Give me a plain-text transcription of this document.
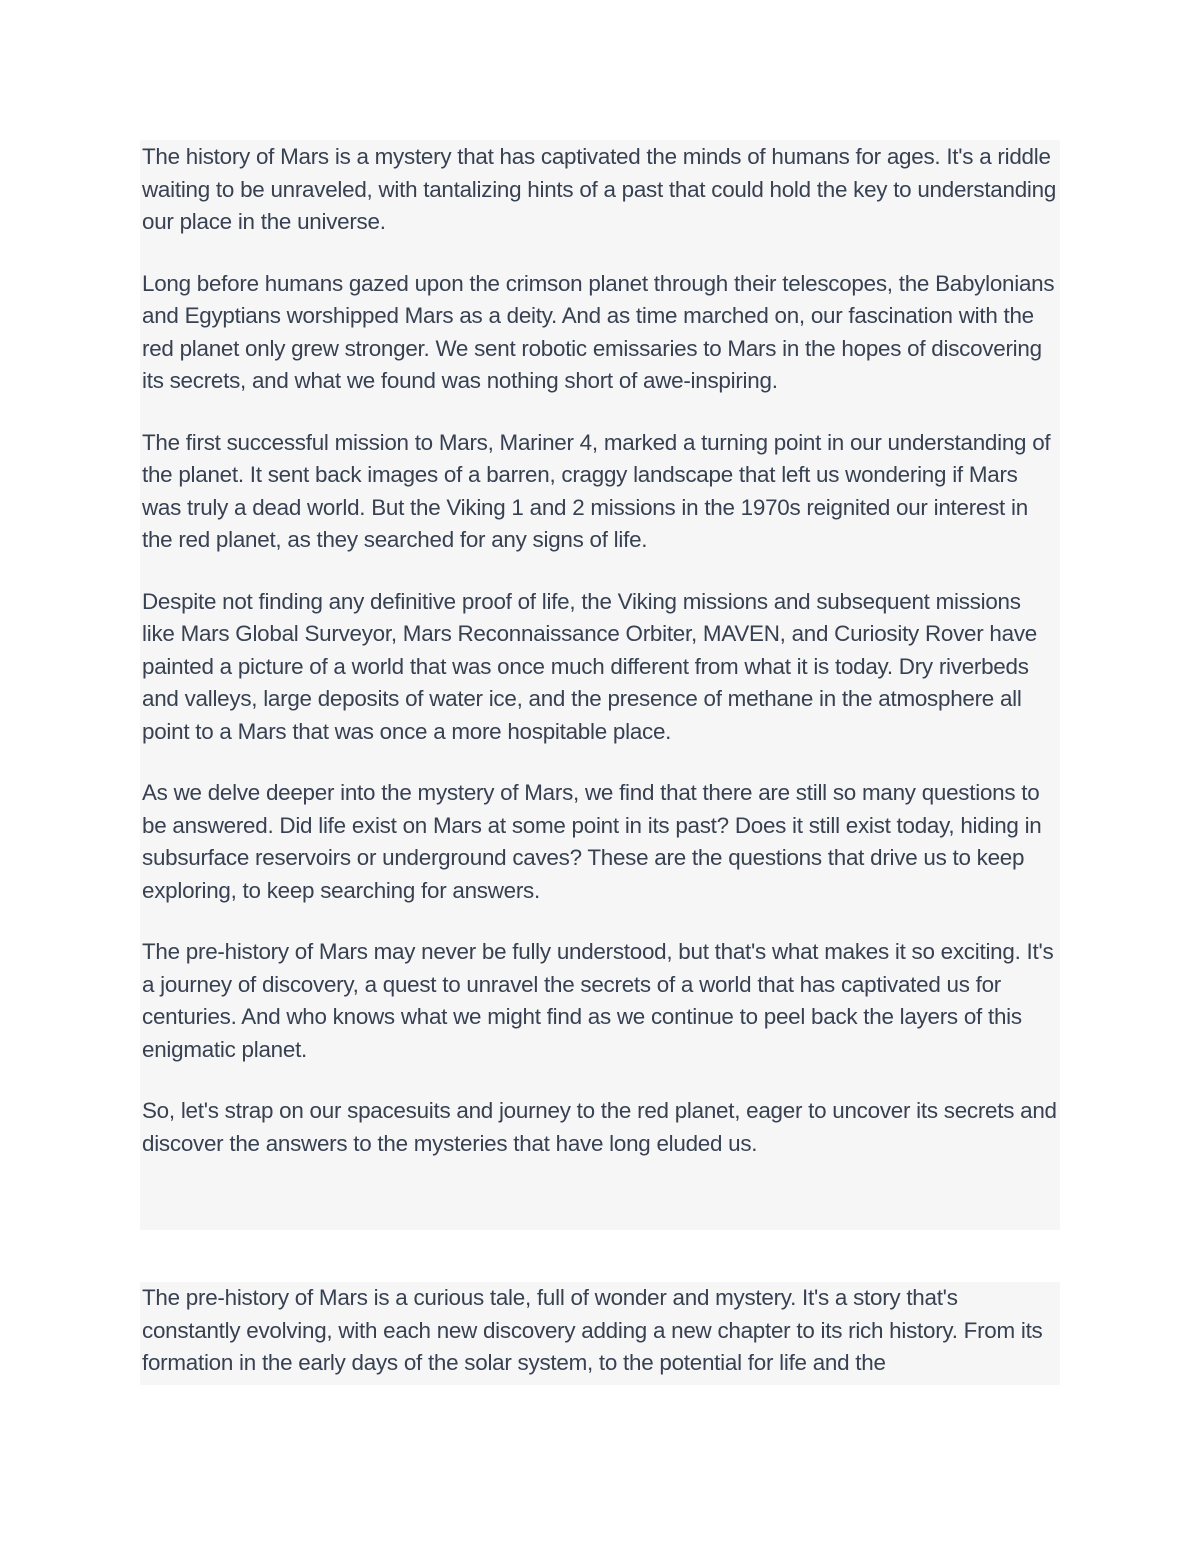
The history of Mars is a mystery that has captivated the minds of humans for ages. It's a riddle waiting to be unraveled, with tantalizing hints of a past that could hold the key to understanding our place in the universe.

Long before humans gazed upon the crimson planet through their telescopes, the Babylonians and Egyptians worshipped Mars as a deity. And as time marched on, our fascination with the red planet only grew stronger. We sent robotic emissaries to Mars in the hopes of discovering its secrets, and what we found was nothing short of awe-inspiring.

The first successful mission to Mars, Mariner 4, marked a turning point in our understanding of the planet. It sent back images of a barren, craggy landscape that left us wondering if Mars was truly a dead world. But the Viking 1 and 2 missions in the 1970s reignited our interest in the red planet, as they searched for any signs of life.

Despite not finding any definitive proof of life, the Viking missions and subsequent missions like Mars Global Surveyor, Mars Reconnaissance Orbiter, MAVEN, and Curiosity Rover have painted a picture of a world that was once much different from what it is today. Dry riverbeds and valleys, large deposits of water ice, and the presence of methane in the atmosphere all point to a Mars that was once a more hospitable place.

As we delve deeper into the mystery of Mars, we find that there are still so many questions to be answered. Did life exist on Mars at some point in its past? Does it still exist today, hiding in subsurface reservoirs or underground caves? These are the questions that drive us to keep exploring, to keep searching for answers.

The pre-history of Mars may never be fully understood, but that's what makes it so exciting. It's a journey of discovery, a quest to unravel the secrets of a world that has captivated us for centuries. And who knows what we might find as we continue to peel back the layers of this enigmatic planet.

So, let's strap on our spacesuits and journey to the red planet, eager to uncover its secrets and discover the answers to the mysteries that have long eluded us.

The pre-history of Mars is a curious tale, full of wonder and mystery. It's a story that's constantly evolving, with each new discovery adding a new chapter to its rich history. From its formation in the early days of the solar system, to the potential for life and the
